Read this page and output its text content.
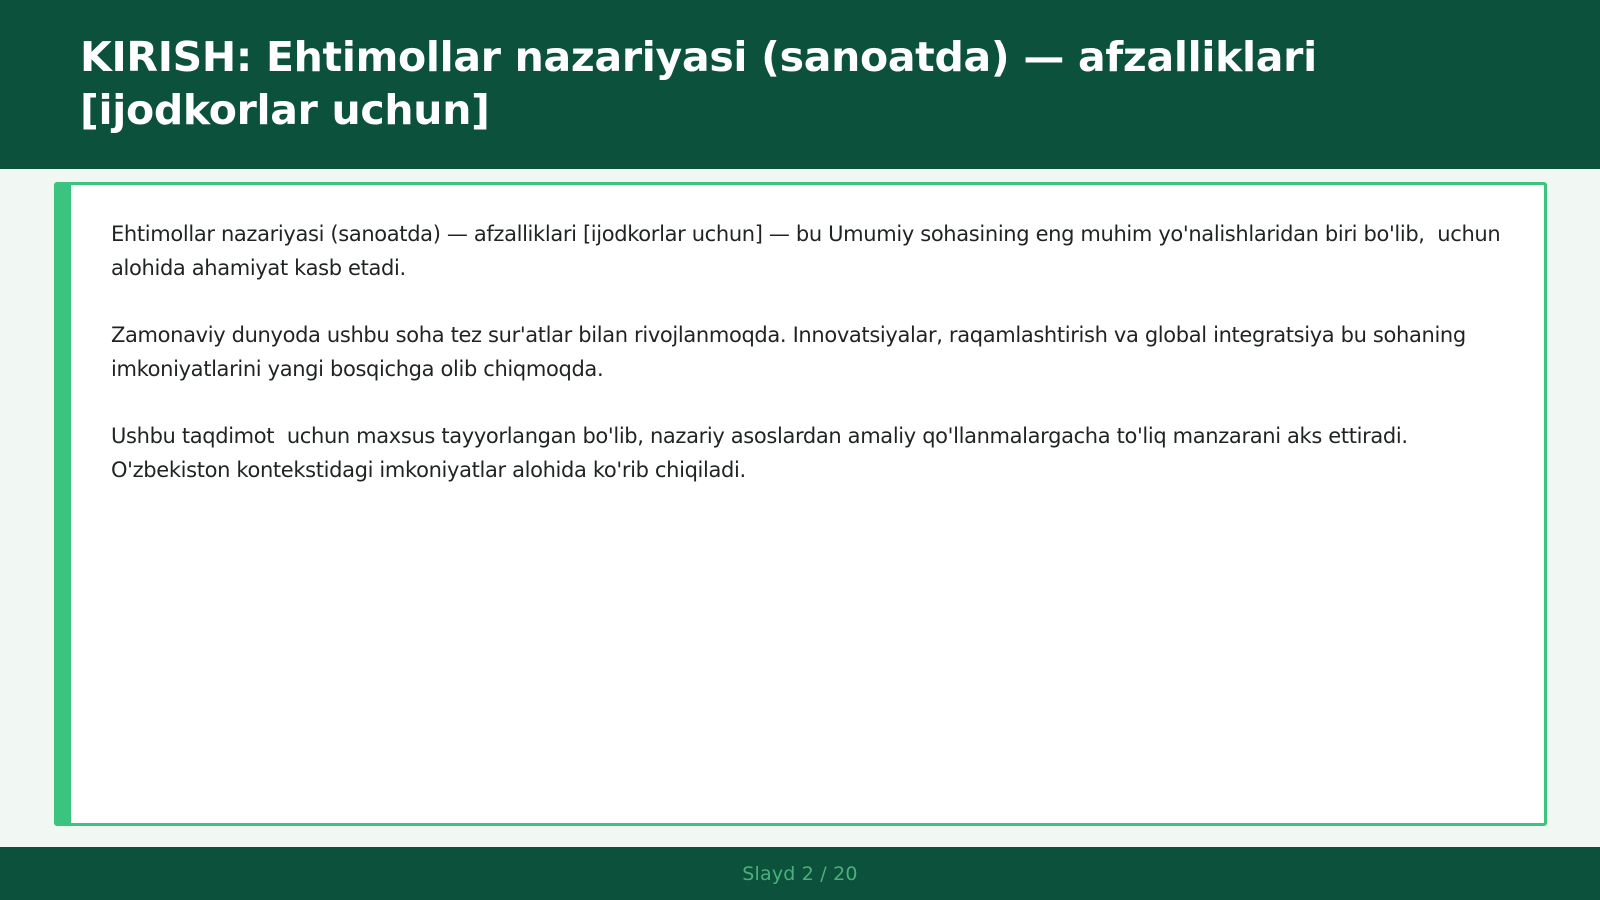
KIRISH: Ehtimollar nazariyasi (sanoatda) — afzalliklari [ijodkorlar uchun]

Ehtimollar nazariyasi (sanoatda) — afzalliklari [ijodkorlar uchun] — bu Umumiy sohasining eng muhim yo'nalishlaridan biri bo'lib,  uchun alohida ahamiyat kasb etadi.

Zamonaviy dunyoda ushbu soha tez sur'atlar bilan rivojlanmoqda. Innovatsiyalar, raqamlashtirish va global integratsiya bu sohaning imkoniyatlarini yangi bosqichga olib chiqmoqda.

Ushbu taqdimot  uchun maxsus tayyorlangan bo'lib, nazariy asoslardan amaliy qo'llanmalargacha to'liq manzarani aks ettiradi. O'zbekiston kontekstidagi imkoniyatlar alohida ko'rib chiqiladi.

Slayd 2 / 20
